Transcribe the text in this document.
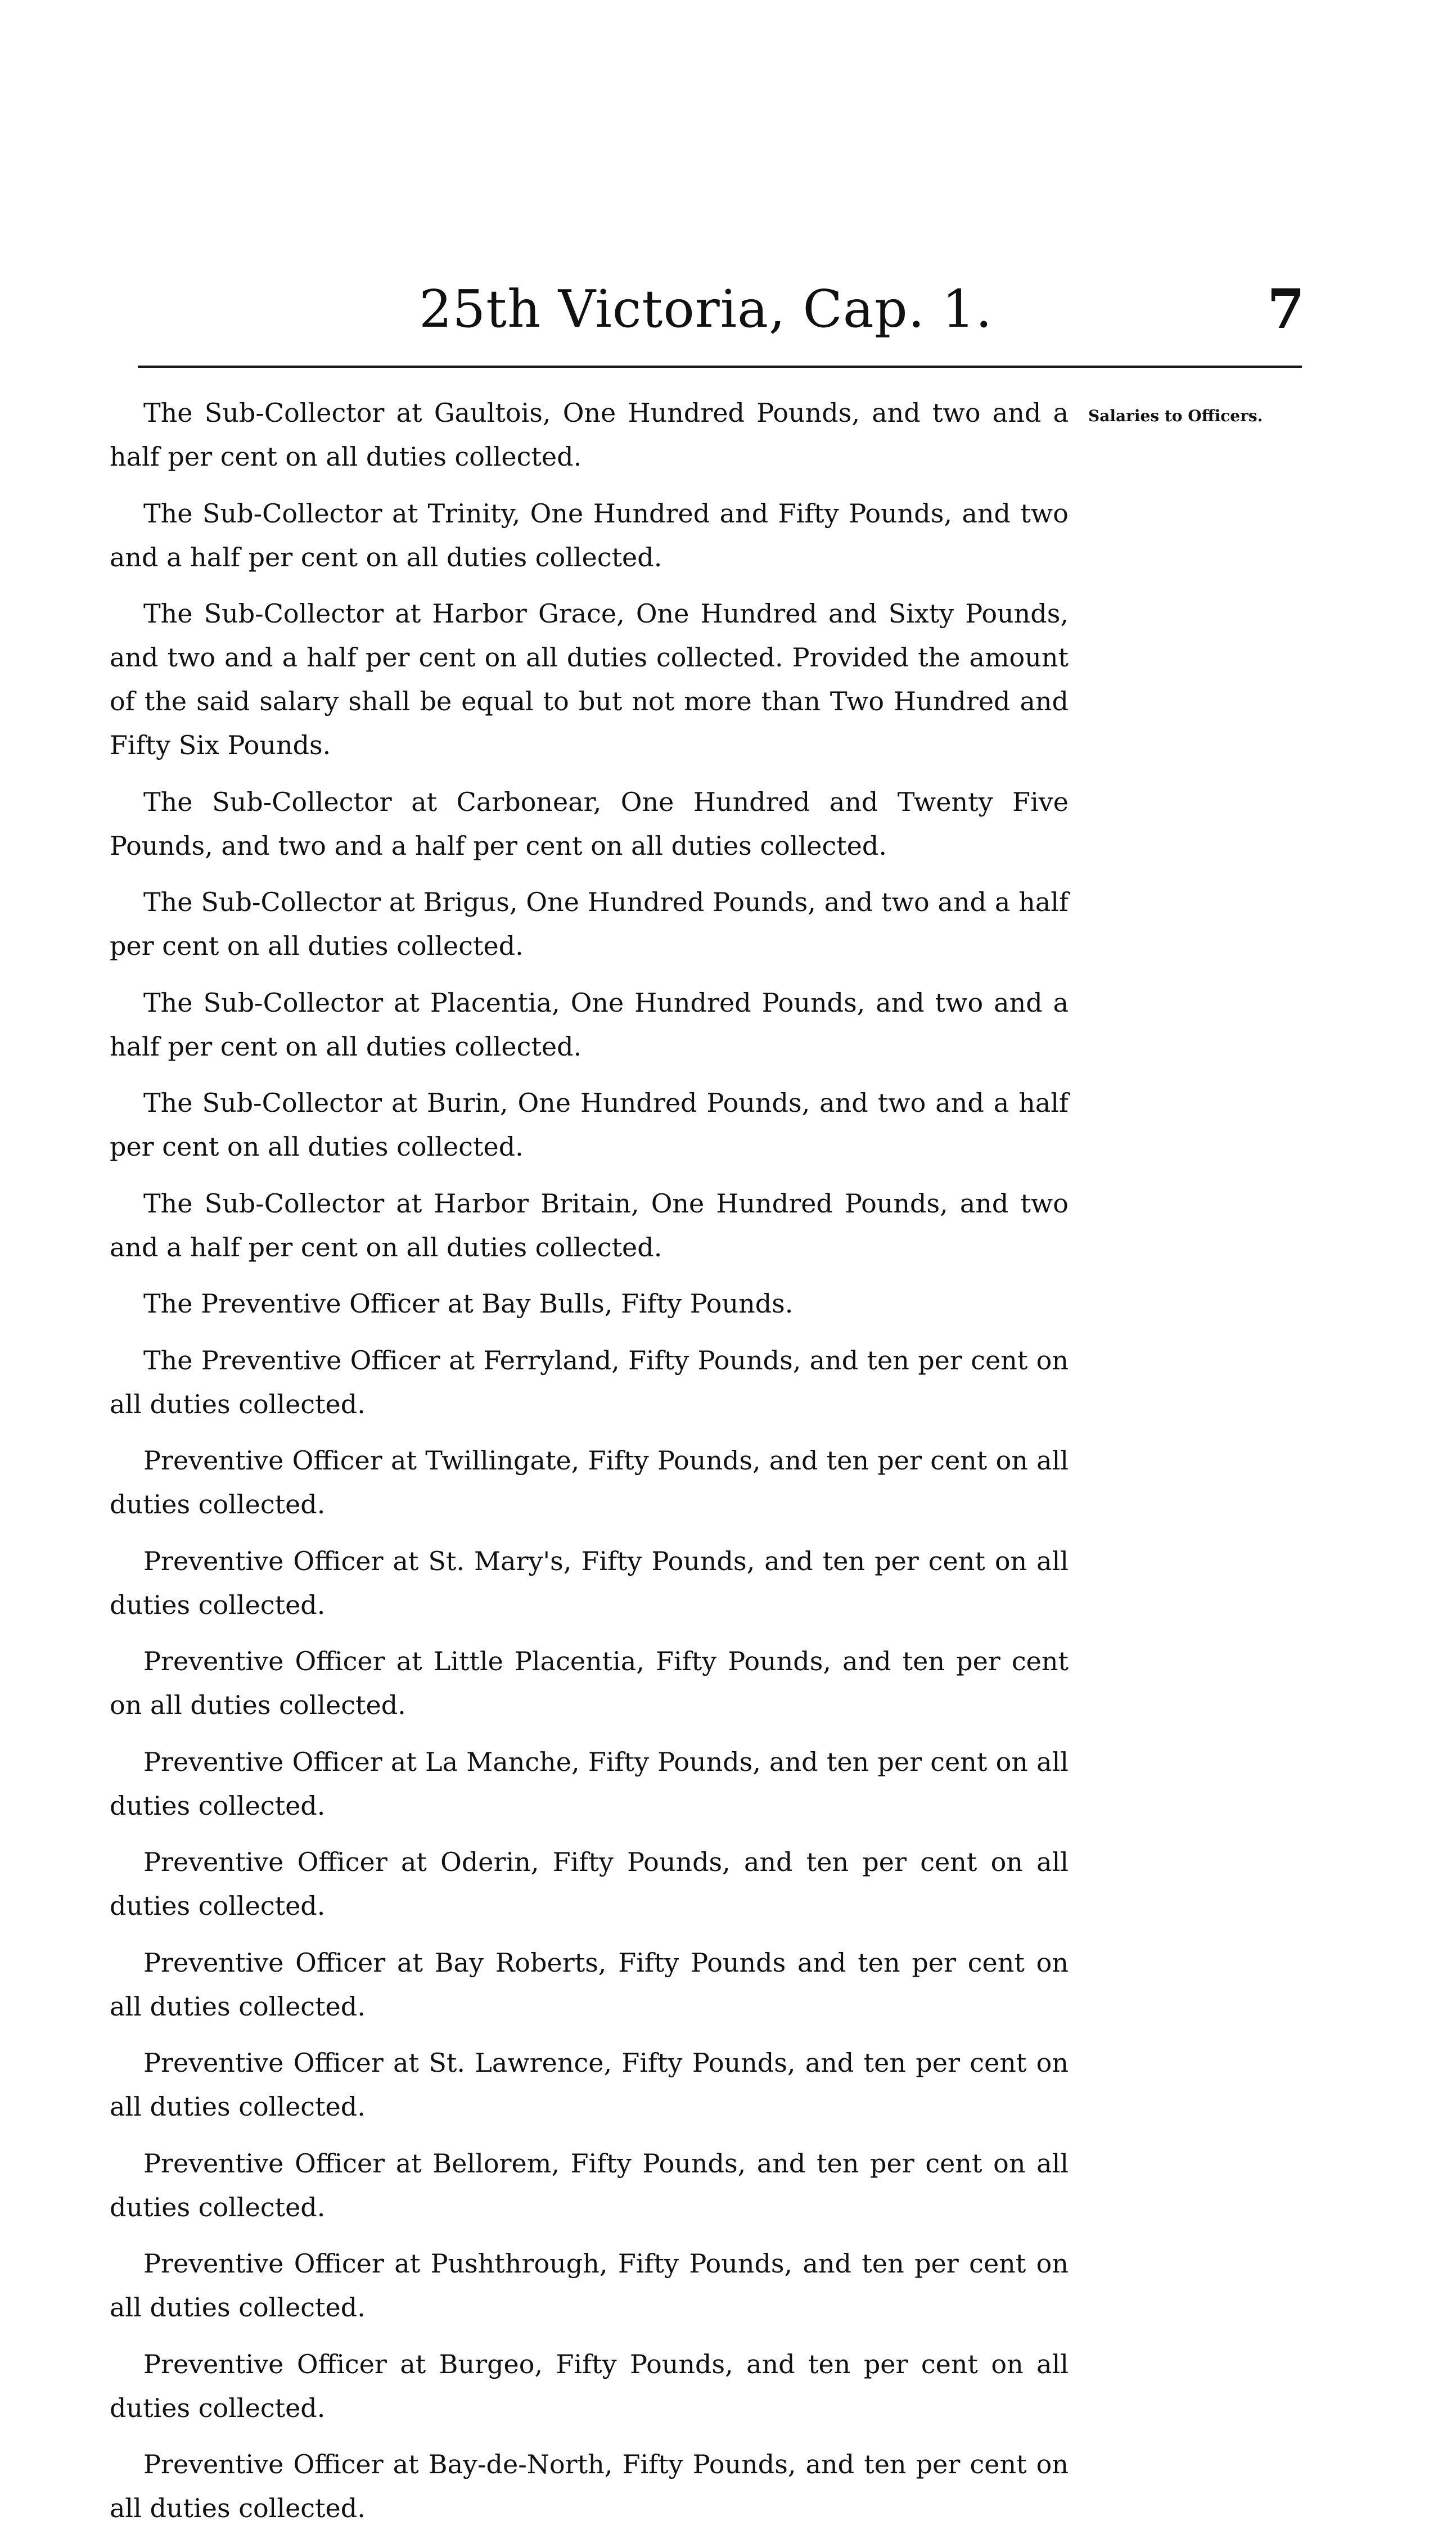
25th Victoria, Cap. 1.	7
Salaries to Officers.

The Sub-Collector at Gaultois, One Hundred Pounds, and two and a half per cent on all duties collected.

The Sub-Collector at Trinity, One Hundred and Fifty Pounds, and two and a half per cent on all duties collected.

The Sub-Collector at Harbor Grace, One Hundred and Sixty Pounds, and two and a half per cent on all duties collected. Provided the amount of the said salary shall be equal to but not more than Two Hundred and Fifty Six Pounds.

The Sub-Collector at Carbonear, One Hundred and Twenty Five Pounds, and two and a half per cent on all duties collected.

The Sub-Collector at Brigus, One Hundred Pounds, and two and a half per cent on all duties collected.

The Sub-Collector at Placentia, One Hundred Pounds, and two and a half per cent on all duties collected.

The Sub-Collector at Burin, One Hundred Pounds, and two and a half per cent on all duties collected.

The Sub-Collector at Harbor Britain, One Hundred Pounds, and two and a half per cent on all duties collected.

The Preventive Officer at Bay Bulls, Fifty Pounds.

The Preventive Officer at Ferryland, Fifty Pounds, and ten per cent on all duties collected.

Preventive Officer at Twillingate, Fifty Pounds, and ten per cent on all duties collected.

Preventive Officer at St. Mary's, Fifty Pounds, and ten per cent on all duties collected.

Preventive Officer at Little Placentia, Fifty Pounds, and ten per cent on all duties collected.

Preventive Officer at La Manche, Fifty Pounds, and ten per cent on all duties collected.

Preventive Officer at Oderin, Fifty Pounds, and ten per cent on all duties collected.

Preventive Officer at Bay Roberts, Fifty Pounds and ten per cent on all duties collected.

Preventive Officer at St. Lawrence, Fifty Pounds, and ten per cent on all duties collected.

Preventive Officer at Bellorem, Fifty Pounds, and ten per cent on all duties collected.

Preventive Officer at Pushthrough, Fifty Pounds, and ten per cent on all duties collected.

Preventive Officer at Burgeo, Fifty Pounds, and ten per cent on all duties collected.

Preventive Officer at Bay-de-North, Fifty Pounds, and ten per cent on all duties collected.
